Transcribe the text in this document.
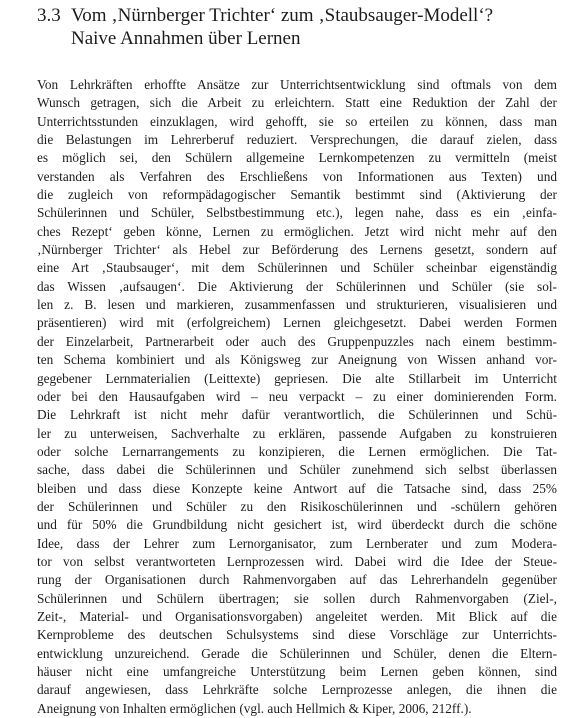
3.3 Vom ‚Nürnberger Trichter‘ zum ‚Staubsauger-Modell‘?
Naive Annahmen über Lernen
Von Lehrkräften erhoffte Ansätze zur Unterrichtsentwicklung sind oftmals von dem
Wunsch getragen, sich die Arbeit zu erleichtern. Statt eine Reduktion der Zahl der
Unterrichtsstunden einzuklagen, wird gehofft, sie so erteilen zu können, dass man
die Belastungen im Lehrerberuf reduziert. Versprechungen, die darauf zielen, dass
es möglich sei, den Schülern allgemeine Lernkompetenzen zu vermitteln (meist
verstanden als Verfahren des Erschließens von Informationen aus Texten) und
die zugleich von reformpädagogischer Semantik bestimmt sind (Aktivierung der
Schülerinnen und Schüler, Selbstbestimmung etc.), legen nahe, dass es ein ‚einfa-
ches Rezept‘ geben könne, Lernen zu ermöglichen. Jetzt wird nicht mehr auf den
‚Nürnberger Trichter‘ als Hebel zur Beförderung des Lernens gesetzt, sondern auf
eine Art ‚Staubsauger‘, mit dem Schülerinnen und Schüler scheinbar eigenständig
das Wissen ‚aufsaugen‘. Die Aktivierung der Schülerinnen und Schüler (sie sol-
len z. B. lesen und markieren, zusammenfassen und strukturieren, visualisieren und
präsentieren) wird mit (erfolgreichem) Lernen gleichgesetzt. Dabei werden Formen
der Einzelarbeit, Partnerarbeit oder auch des Gruppenpuzzles nach einem bestimm-
ten Schema kombiniert und als Königsweg zur Aneignung von Wissen anhand vor-
gegebener Lernmaterialien (Leittexte) gepriesen. Die alte Stillarbeit im Unterricht
oder bei den Hausaufgaben wird – neu verpackt – zu einer dominierenden Form.
Die Lehrkraft ist nicht mehr dafür verantwortlich, die Schülerinnen und Schü-
ler zu unterweisen, Sachverhalte zu erklären, passende Aufgaben zu konstruieren
oder solche Lernarrangements zu konzipieren, die Lernen ermöglichen. Die Tat-
sache, dass dabei die Schülerinnen und Schüler zunehmend sich selbst überlassen
bleiben und dass diese Konzepte keine Antwort auf die Tatsache sind, dass 25%
der Schülerinnen und Schüler zu den Risikoschülerinnen und -schülern gehören
und für 50% die Grundbildung nicht gesichert ist, wird überdeckt durch die schöne
Idee, dass der Lehrer zum Lernorganisator, zum Lernberater und zum Modera-
tor von selbst verantworteten Lernprozessen wird. Dabei wird die Idee der Steue-
rung der Organisationen durch Rahmenvorgaben auf das Lehrerhandeln gegenüber
Schülerinnen und Schülern übertragen; sie sollen durch Rahmenvorgaben (Ziel-,
Zeit-, Material- und Organisationsvorgaben) angeleitet werden. Mit Blick auf die
Kernprobleme des deutschen Schulsystems sind diese Vorschläge zur Unterrichts-
entwicklung unzureichend. Gerade die Schülerinnen und Schüler, denen die Eltern-
häuser nicht eine umfangreiche Unterstützung beim Lernen geben können, sind
darauf angewiesen, dass Lehrkräfte solche Lernprozesse anlegen, die ihnen die
Aneignung von Inhalten ermöglichen (vgl. auch Hellmich & Kiper, 2006, 212ff.).
